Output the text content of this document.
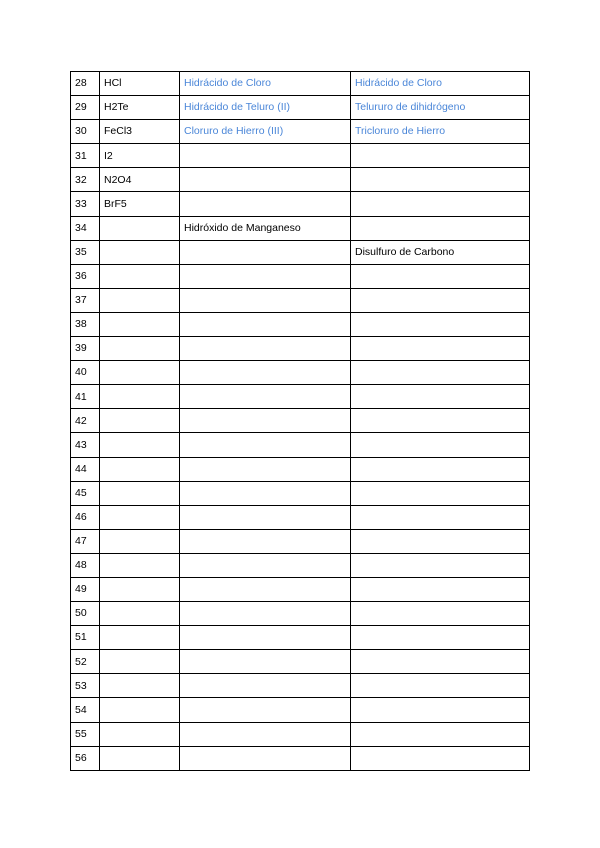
28	HCl	Hidrácido de Cloro	Hidrácido de Cloro
29	H2Te	Hidrácido de Teluro (II)	Telururo de dihidrógeno
30	FeCl3	Cloruro de Hierro (III)	Tricloruro de Hierro
31	I2		
32	N2O4		
33	BrF5		
34		Hidróxido de Manganeso	
35			Disulfuro de Carbono
36			
37			
38			
39			
40			
41			
42			
43			
44			
45			
46			
47			
48			
49			
50			
51			
52			
53			
54			
55			
56			
